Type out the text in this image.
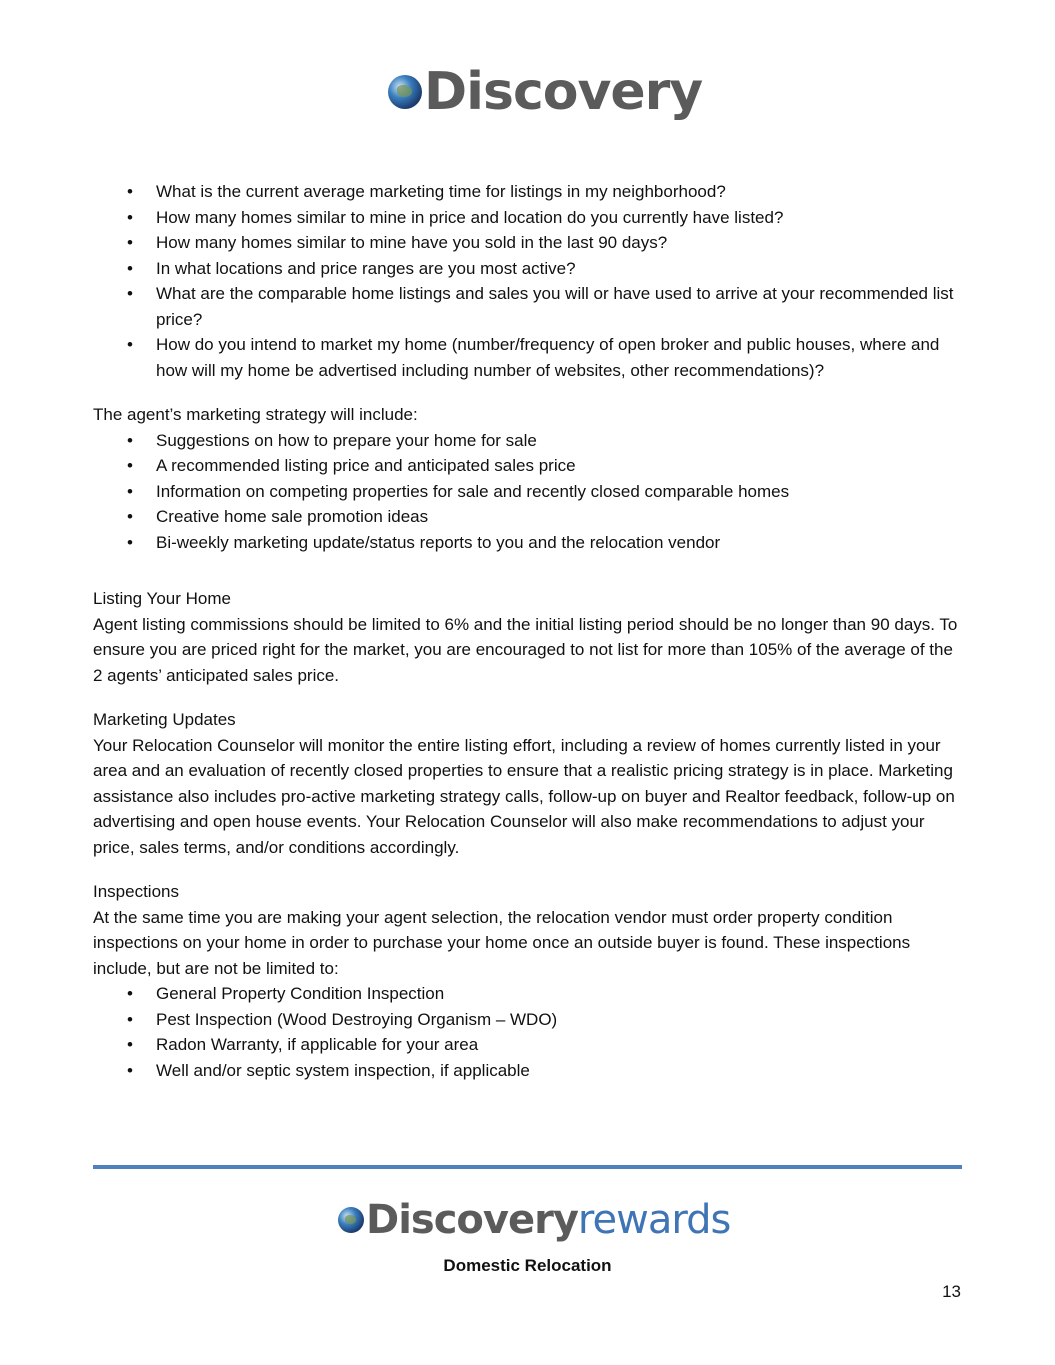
Discovery
• What is the current average marketing time for listings in my neighborhood?
• How many homes similar to mine in price and location do you currently have listed?
• How many homes similar to mine have you sold in the last 90 days?
• In what locations and price ranges are you most active?
• What are the comparable home listings and sales you will or have used to arrive at your recommended list price?
• How do you intend to market my home (number/frequency of open broker and public houses, where and how will my home be advertised including number of websites, other recommendations)?

The agent’s marketing strategy will include:

• Suggestions on how to prepare your home for sale
• A recommended listing price and anticipated sales price
• Information on competing properties for sale and recently closed comparable homes
• Creative home sale promotion ideas
• Bi-weekly marketing update/status reports to you and the relocation vendor

Listing Your Home

Agent listing commissions should be limited to 6% and the initial listing period should be no longer than 90 days. To ensure you are priced right for the market, you are encouraged to not list for more than 105% of the average of the 2 agents’ anticipated sales price.

Marketing Updates

Your Relocation Counselor will monitor the entire listing effort, including a review of homes currently listed in your area and an evaluation of recently closed properties to ensure that a realistic pricing strategy is in place. Marketing assistance also includes pro-active marketing strategy calls, follow-up on buyer and Realtor feedback, follow-up on advertising and open house events. Your Relocation Counselor will also make recommendations to adjust your price, sales terms, and/or conditions accordingly.

Inspections

At the same time you are making your agent selection, the relocation vendor must order property condition inspections on your home in order to purchase your home once an outside buyer is found. These inspections include, but are not be limited to:

• General Property Condition Inspection
• Pest Inspection (Wood Destroying Organism – WDO)
• Radon Warranty, if applicable for your area
• Well and/or septic system inspection, if applicable
Discovery rewards
Domestic Relocation
13
